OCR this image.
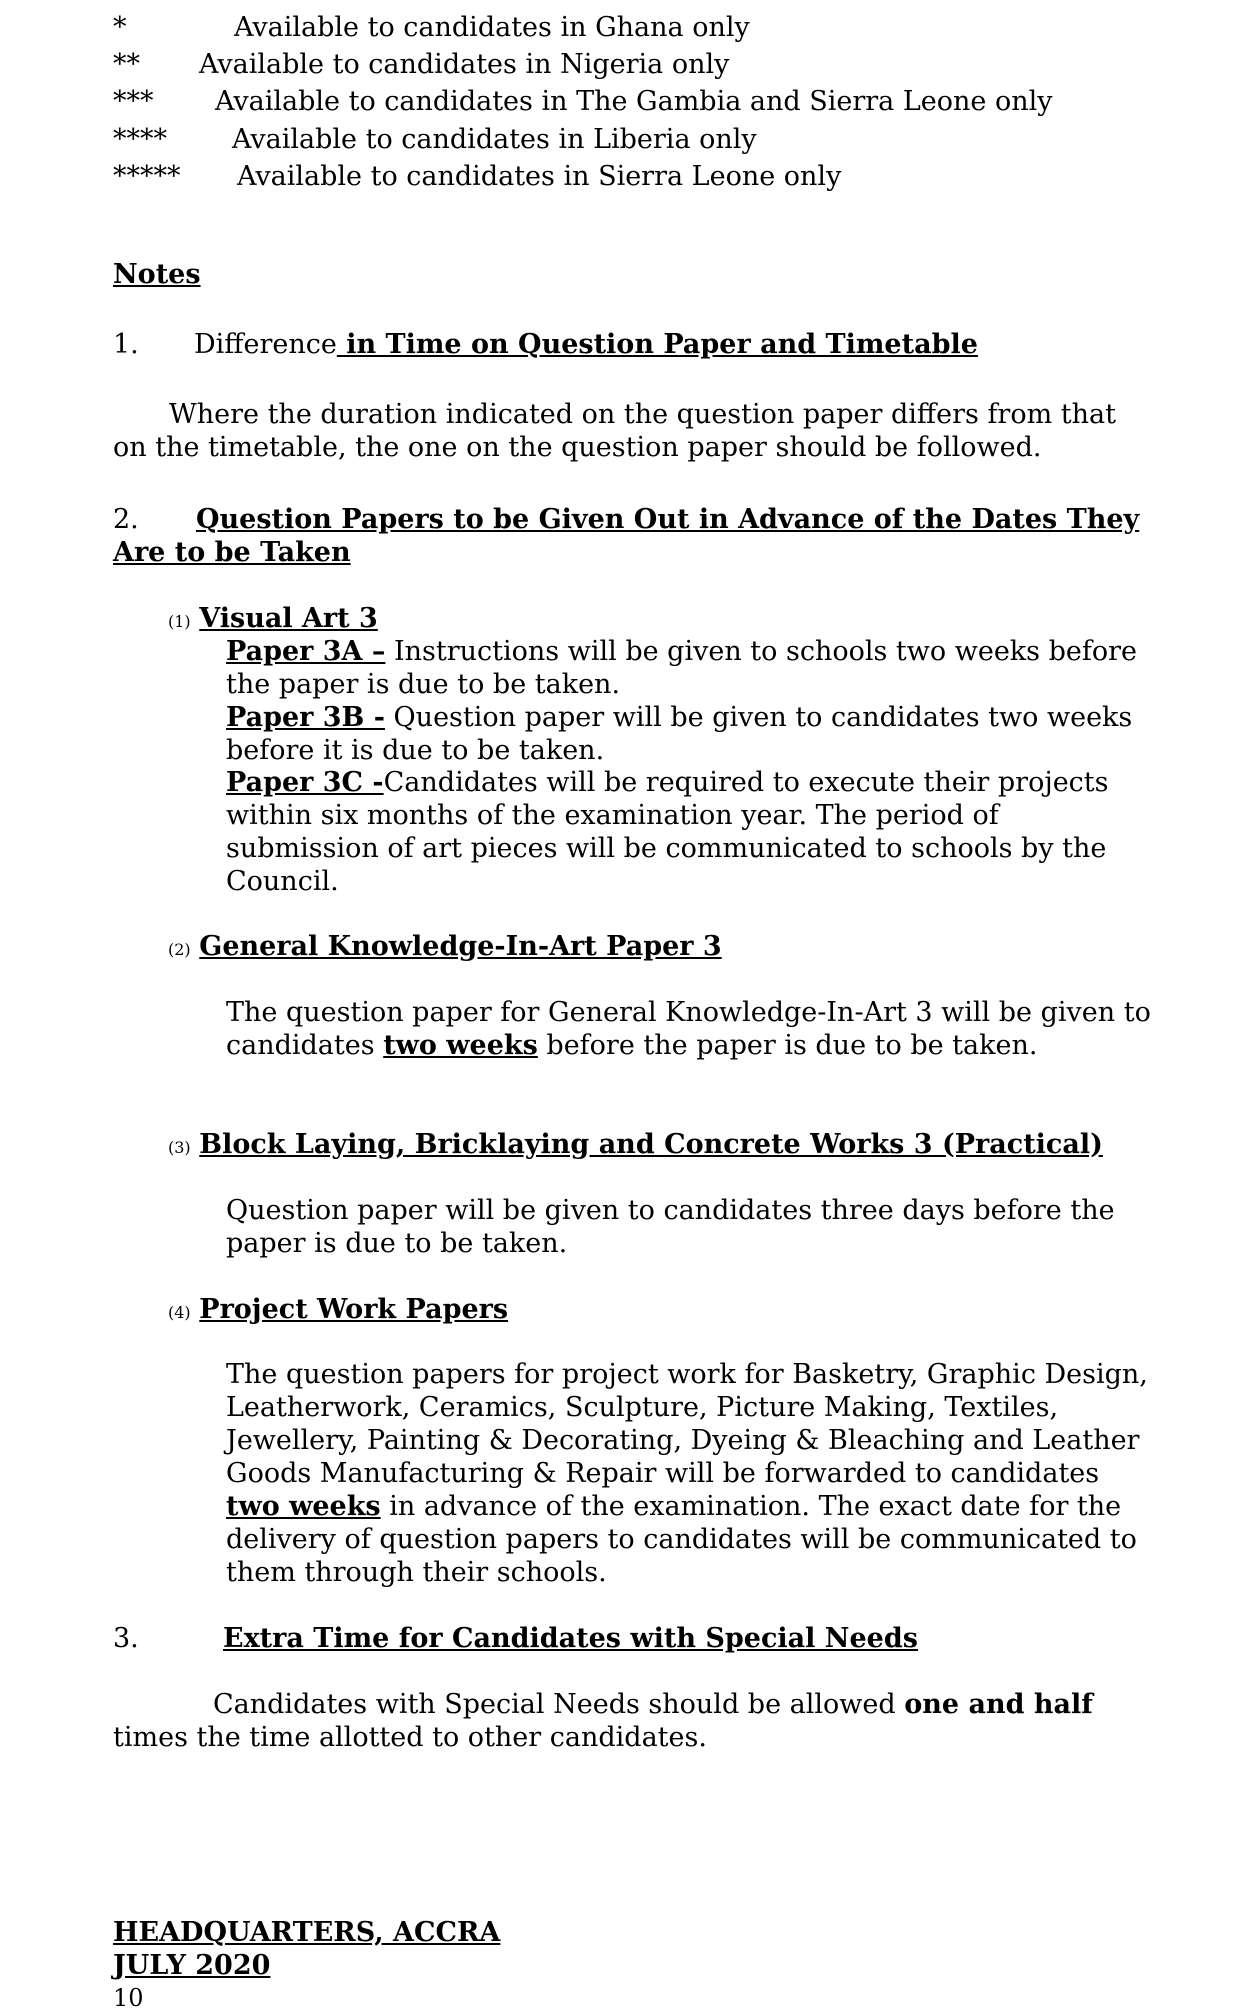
*	Available to candidates in Ghana only
** Available to candidates in Nigeria only
*** Available to candidates in The Gambia and Sierra Leone only
**** Available to candidates in Liberia only
***** Available to candidates in Sierra Leone only
Notes
1. Difference in Time on Question Paper and Timetable
Where the duration indicated on the question paper differs from that on the timetable, the one on the question paper should be followed.
2. Question Papers to be Given Out in Advance of the Dates They
Are to be Taken
(1) Visual Art 3
Paper 3A – Instructions will be given to schools two weeks before the paper is due to be taken.
Paper 3B - Question paper will be given to candidates two weeks before it is due to be taken.
Paper 3C -Candidates will be required to execute their projects within six months of the examination year. The period of submission of art pieces will be communicated to schools by the Council.
(2) General Knowledge-In-Art Paper 3
The question paper for General Knowledge-In-Art 3 will be given to candidates two weeks before the paper is due to be taken.
(3) Block Laying, Bricklaying and Concrete Works 3 (Practical)
Question paper will be given to candidates three days before the paper is due to be taken.
(4) Project Work Papers
The question papers for project work for Basketry, Graphic Design, Leatherwork, Ceramics, Sculpture, Picture Making, Textiles, Jewellery, Painting & Decorating, Dyeing & Bleaching and Leather Goods Manufacturing & Repair will be forwarded to candidates two weeks in advance of the examination. The exact date for the delivery of question papers to candidates will be communicated to them through their schools.
3.	Extra Time for Candidates with Special Needs
Candidates with Special Needs should be allowed one and half times the time allotted to other candidates.
HEADQUARTERS, ACCRA
JULY 2020
10
